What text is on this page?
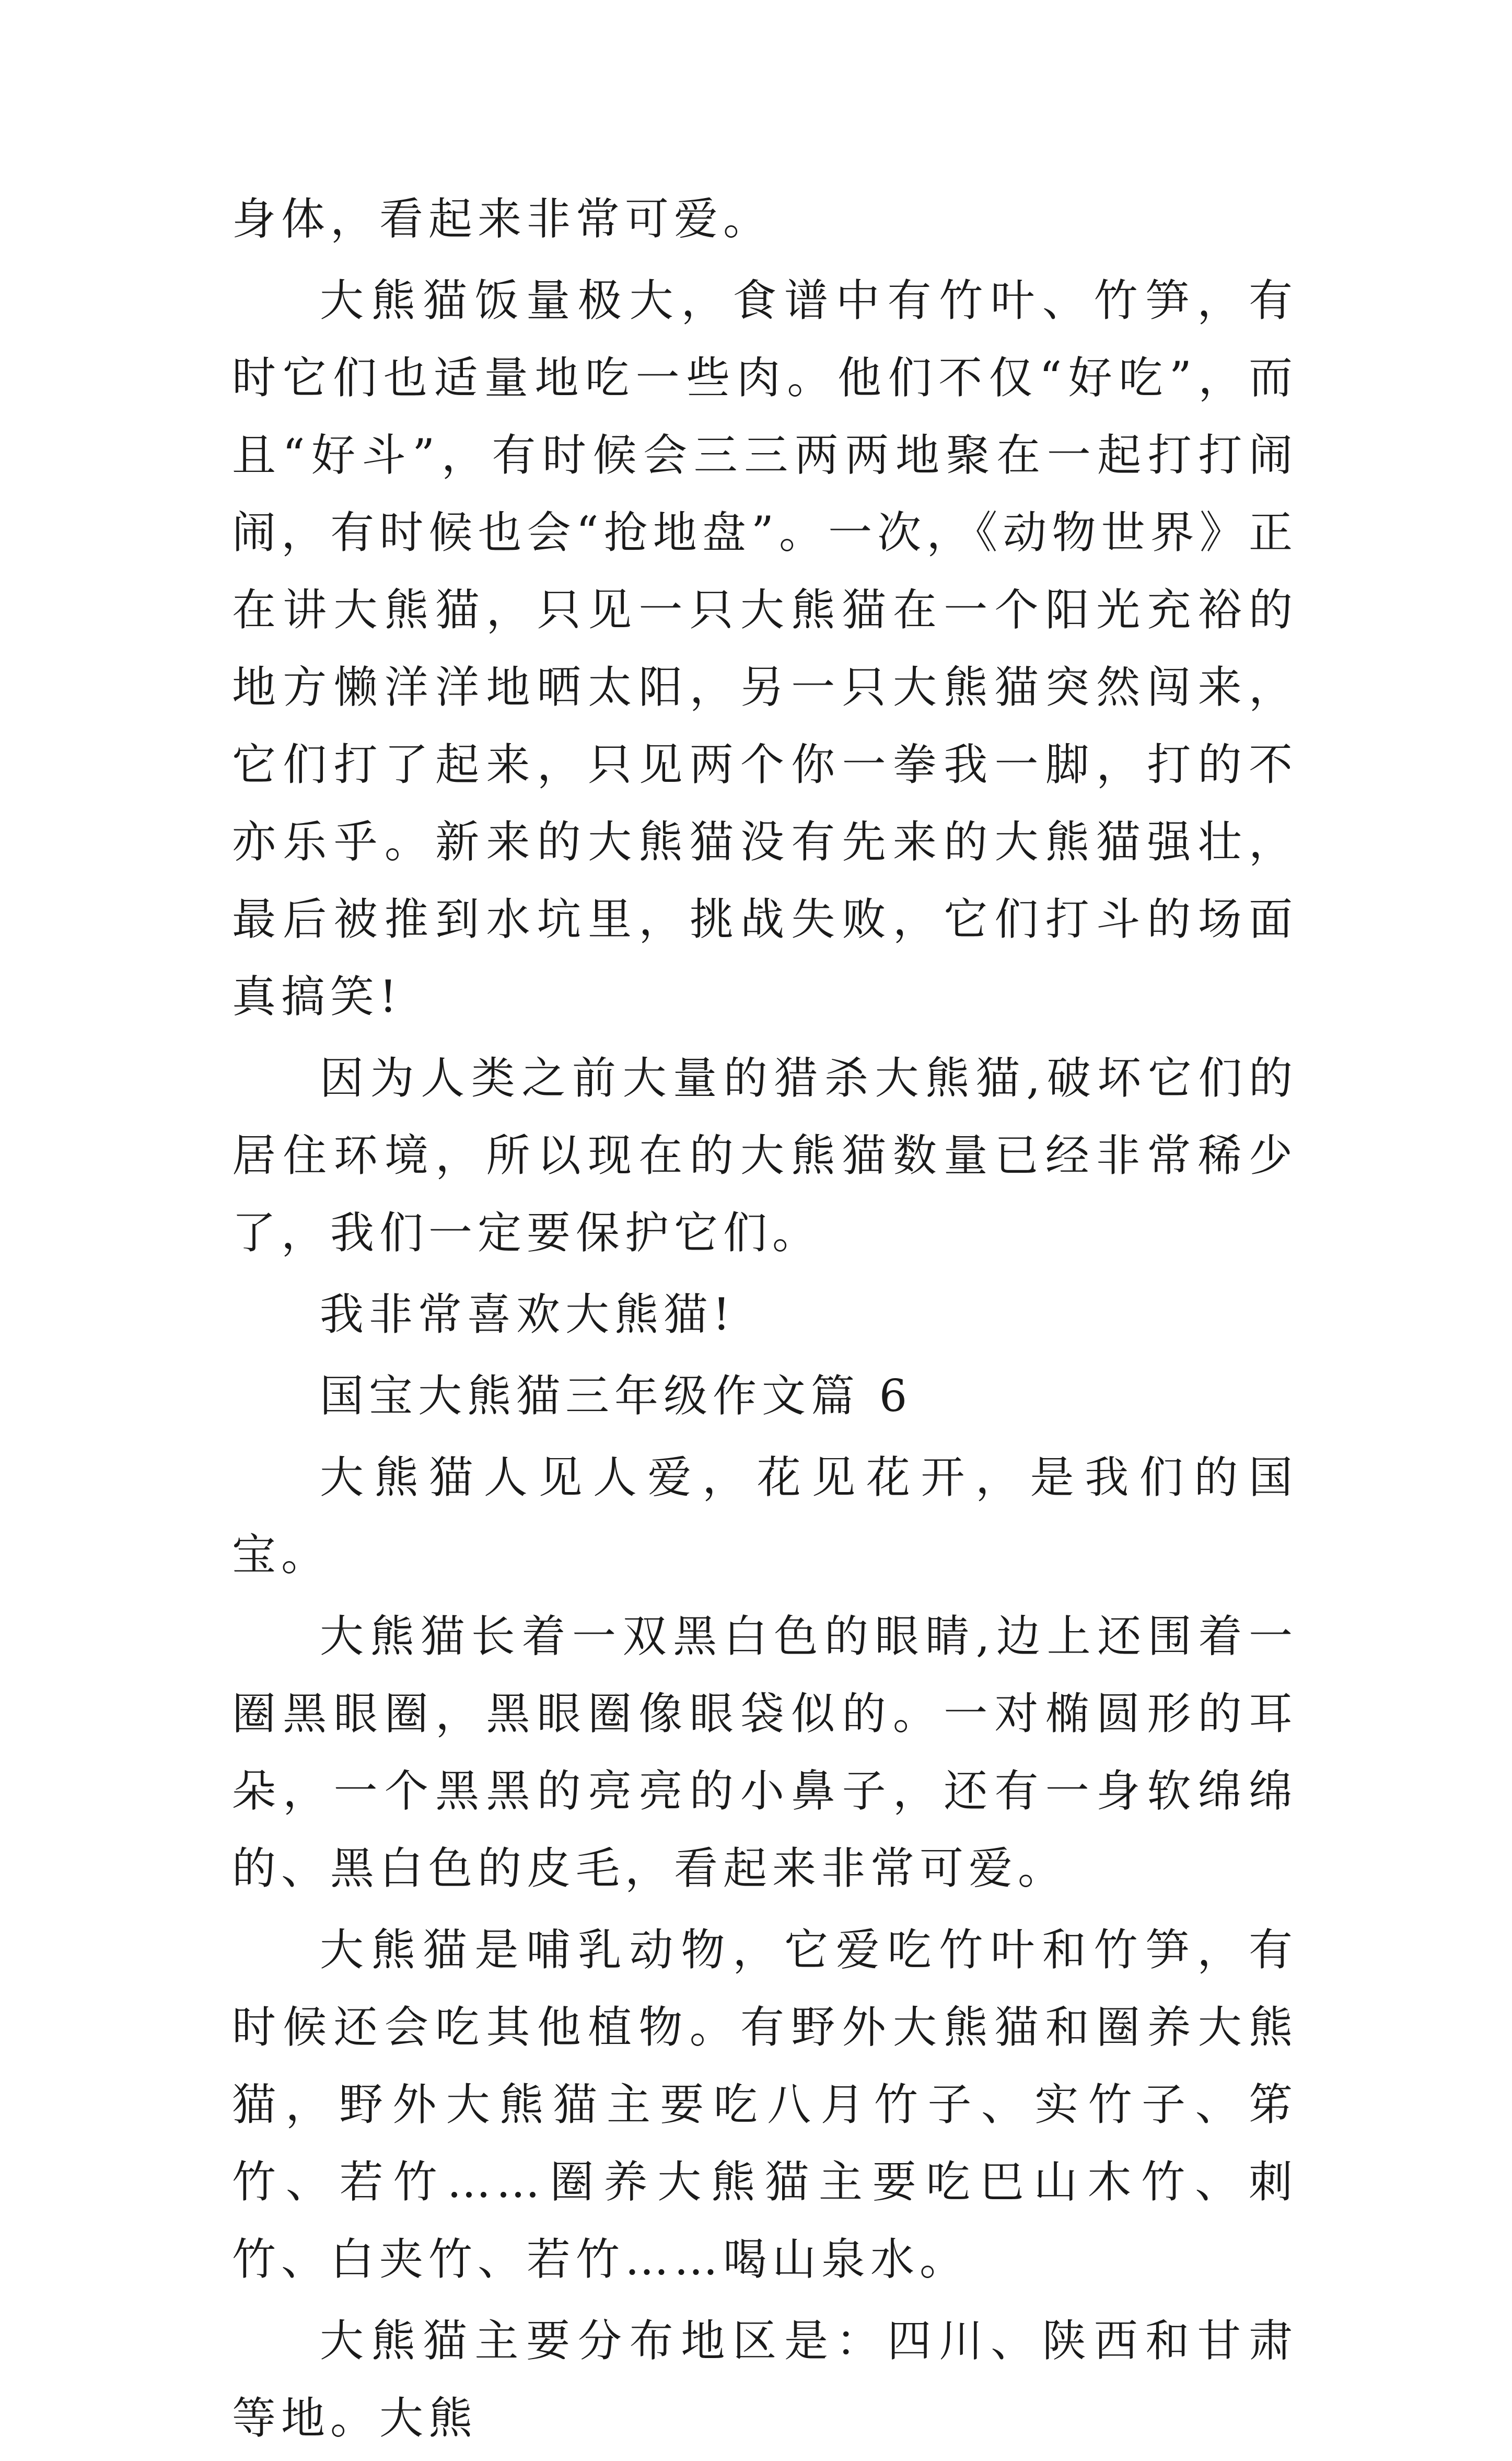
身体，看起来非常可爱。

大熊猫饭量极大，食谱中有竹叶、竹笋，有时它们也适量地吃一些肉。他们不仅“好吃”，而且“好斗”，有时候会三三两两地聚在一起打打闹闹，有时候也会“抢地盘”。一次，《动物世界》正在讲大熊猫，只见一只大熊猫在一个阳光充裕的地方懒洋洋地晒太阳，另一只大熊猫突然闯来，它们打了起来，只见两个你一拳我一脚，打的不亦乐乎。新来的大熊猫没有先来的大熊猫强壮，最后被推到水坑里，挑战失败，它们打斗的场面真搞笑!

因为人类之前大量的猎杀大熊猫,破坏它们的居住环境，所以现在的大熊猫数量已经非常稀少了，我们一定要保护它们。

我非常喜欢大熊猫!

国宝大熊猫三年级作文篇 6

大熊猫人见人爱，花见花开，是我们的国宝。

大熊猫长着一双黑白色的眼睛,边上还围着一圈黑眼圈，黑眼圈像眼袋似的。一对椭圆形的耳朵，一个黑黑的亮亮的小鼻子，还有一身软绵绵的、黑白色的皮毛，看起来非常可爱。

大熊猫是哺乳动物，它爱吃竹叶和竹笋，有时候还会吃其他植物。有野外大熊猫和圈养大熊猫，野外大熊猫主要吃八月竹子、实竹子、笫竹、若竹……圈养大熊猫主要吃巴山木竹、刺竹、白夹竹、若竹……喝山泉水。

大熊猫主要分布地区是：四川、陕西和甘肃等地。大熊
